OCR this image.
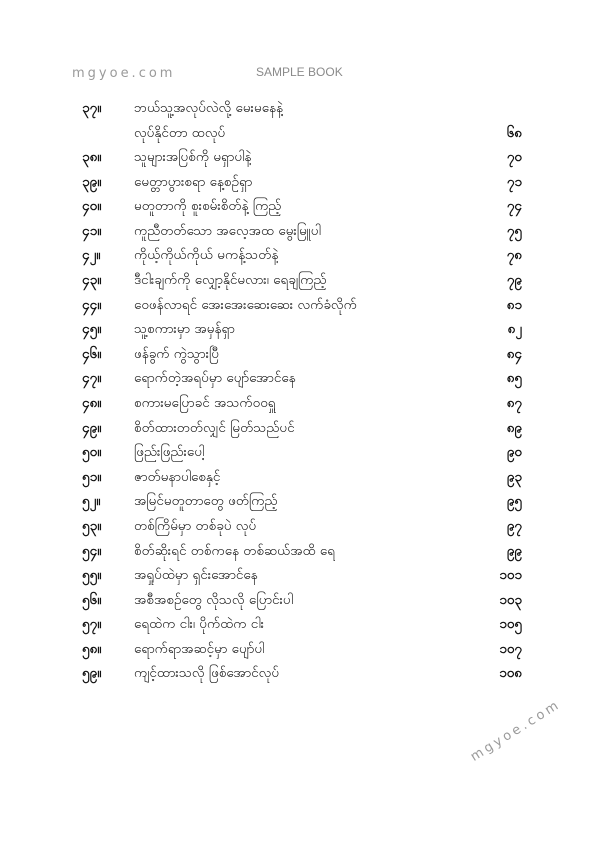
mgyoe.com	SAMPLE BOOK
၃၇။	ဘယ်သူ့အလုပ်လဲလို့ မေးမနေနဲ့
လုပ်နိုင်တာ ထလုပ်	၆၈
၃၈။	သူများအပြစ်ကို မရှာပါနဲ့	၇၀
၃၉။	မေတ္တာပွားစရာ နေ့စဉ်ရှာ	၇၁
၄၀။	မတူတာကို စူးစမ်းစိတ်နဲ့ ကြည့်	၇၄
၄၁။	ကူညီတတ်သော အလေ့အထ မွေးမြူပါ	၇၅
၄၂။	ကိုယ့်ကိုယ်ကိုယ် မကန့်သတ်နဲ့	၇၈
၄၃။	ဒီငါးချက်ကို လျှော့နိုင်မလား၊ ရေချကြည့်	၇၉
၄၄။	ဝေဖန်လာရင် အေးအေးဆေးဆေး လက်ခံလိုက်	၈၁
၄၅။	သူ့စကားမှာ အမှန်ရှာ	၈၂
၄၆။	ဖန်ခွက် ကွဲသွားပြီ	၈၄
၄၇။	ရောက်တဲ့အရပ်မှာ ပျော်အောင်နေ	၈၅
၄၈။	စကားမပြောခင် အသက်ဝဝရှူ	၈၇
၄၉။	စိတ်ထားတတ်လျှင် မြတ်သည်ပင်	၈၉
၅၀။	ဖြည်းဖြည်းပေါ့	၉၀
၅၁။	ဇာတ်မနာပါစေနှင့်	၉၃
၅၂။	အမြင်မတူတာတွေ ဖတ်ကြည့်	၉၅
၅၃။	တစ်ကြိမ်မှာ တစ်ခုပဲ လုပ်	၉၇
၅၄။	စိတ်ဆိုးရင် တစ်ကနေ တစ်ဆယ်အထိ ရေ	၉၉
၅၅။	အရှုပ်ထဲမှာ ရှင်းအောင်နေ	၁၀၁
၅၆။	အစီအစဉ်တွေ လိုသလို ပြောင်းပါ	၁၀၃
၅၇။	ရေထဲက ငါး၊ ပိုက်ထဲက ငါး	၁၀၅
၅၈။	ရောက်ရာအဆင့်မှာ ပျော်ပါ	၁၀၇
၅၉။	ကျင့်ထားသလို ဖြစ်အောင်လုပ်	၁၀၈
mgyoe.com
